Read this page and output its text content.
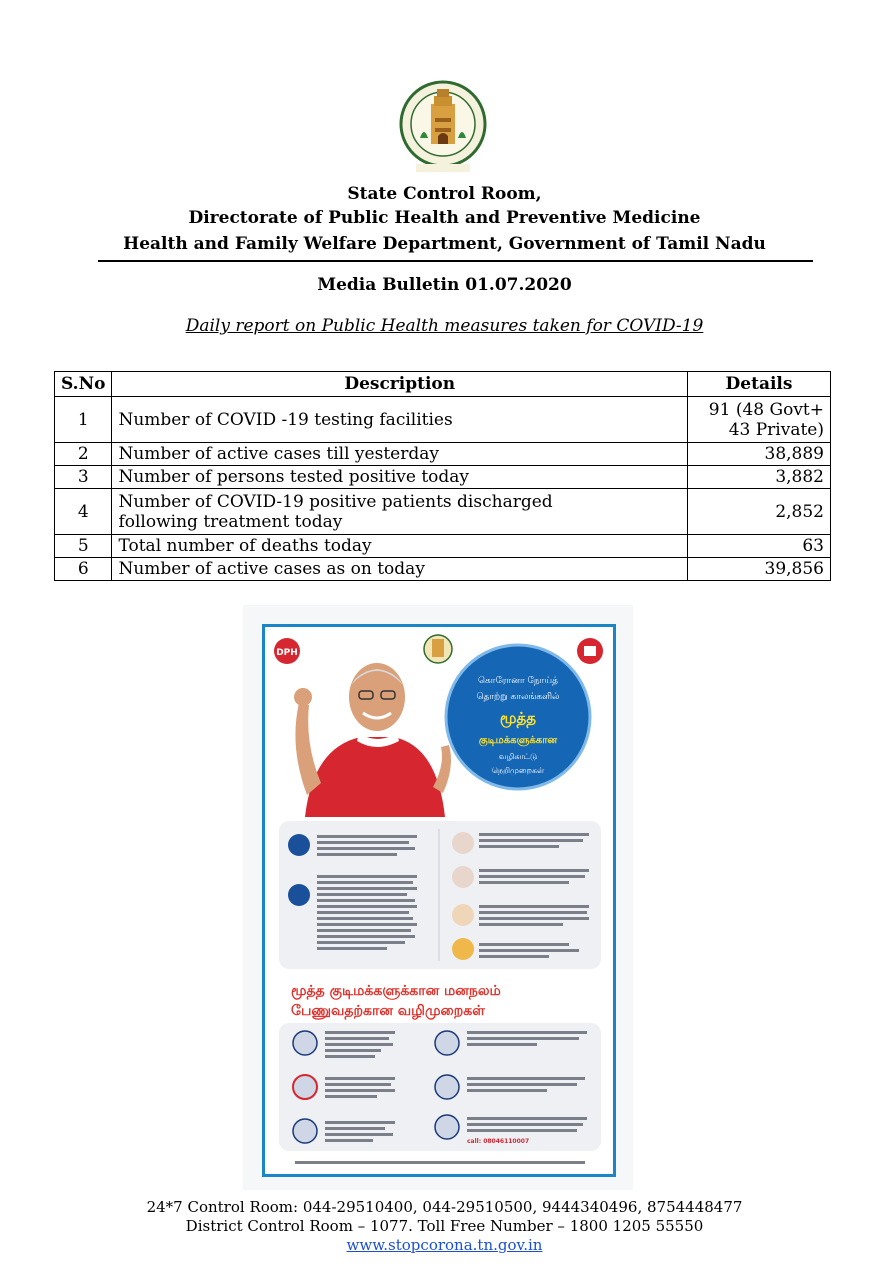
State Control Room,
Directorate of Public Health and Preventive Medicine
Health and Family Welfare Department, Government of Tamil Nadu
Media Bulletin 01.07.2020
Daily report on Public Health measures taken for COVID-19
S.No	Description	Details
1	Number of COVID -19 testing facilities	91 (48 Govt+
43 Private)

2	Number of active cases till yesterday	38,889
3	Number of persons tested positive today	3,882
4	Number of COVID-19 positive patients discharged
following treatment today	2,852
5	Total number of deaths today	63
6	Number of active cases as on today	39,856
DPH
கொரோனா நோய்த்
தொற்று காலங்களில்
மூத்த
குடிமக்களுக்கான
வழிகாட்டு
நெறிமுறைகள்
மூத்த குடிமக்களுக்கான மனநலம்
பேணுவதற்கான வழிமுறைகள்
call: 08046110007
24*7 Control Room: 044-29510400, 044-29510500, 9444340496, 8754448477
District Control Room – 1077. Toll Free Number – 1800 1205 55550
www.stopcorona.tn.gov.in
